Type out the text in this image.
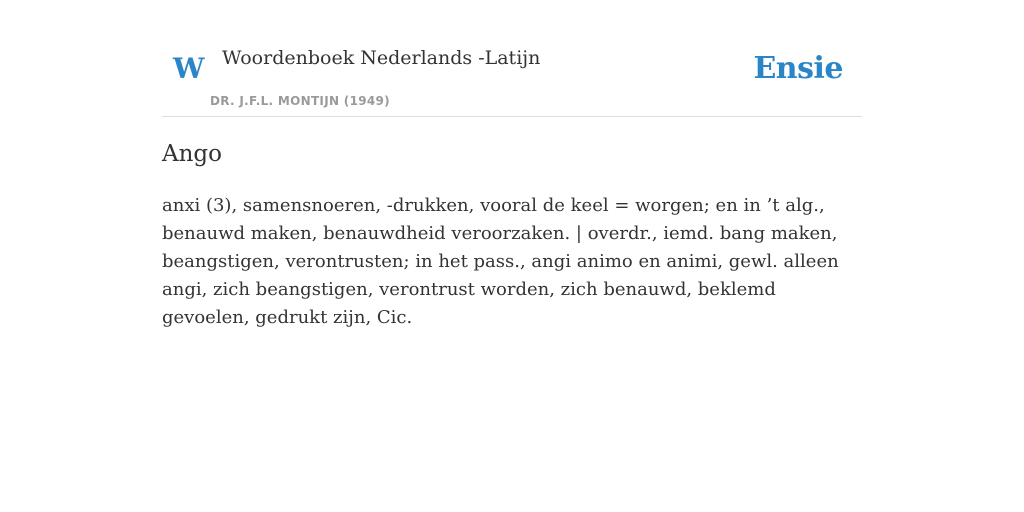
W Woordenboek Nederlands -Latijn
DR. J.F.L. MONTIJN (1949)
Ensie
Ango

anxi (3), samensnoeren, -drukken, vooral de keel = worgen; en in ’t alg., benauwd maken, benauwdheid veroorzaken. | overdr., iemd. bang maken, beangstigen, verontrusten; in het pass., angi animo en animi, gewl. alleen angi, zich beangstigen, verontrust worden, zich benauwd, beklemd gevoelen, gedrukt zijn, Cic.
